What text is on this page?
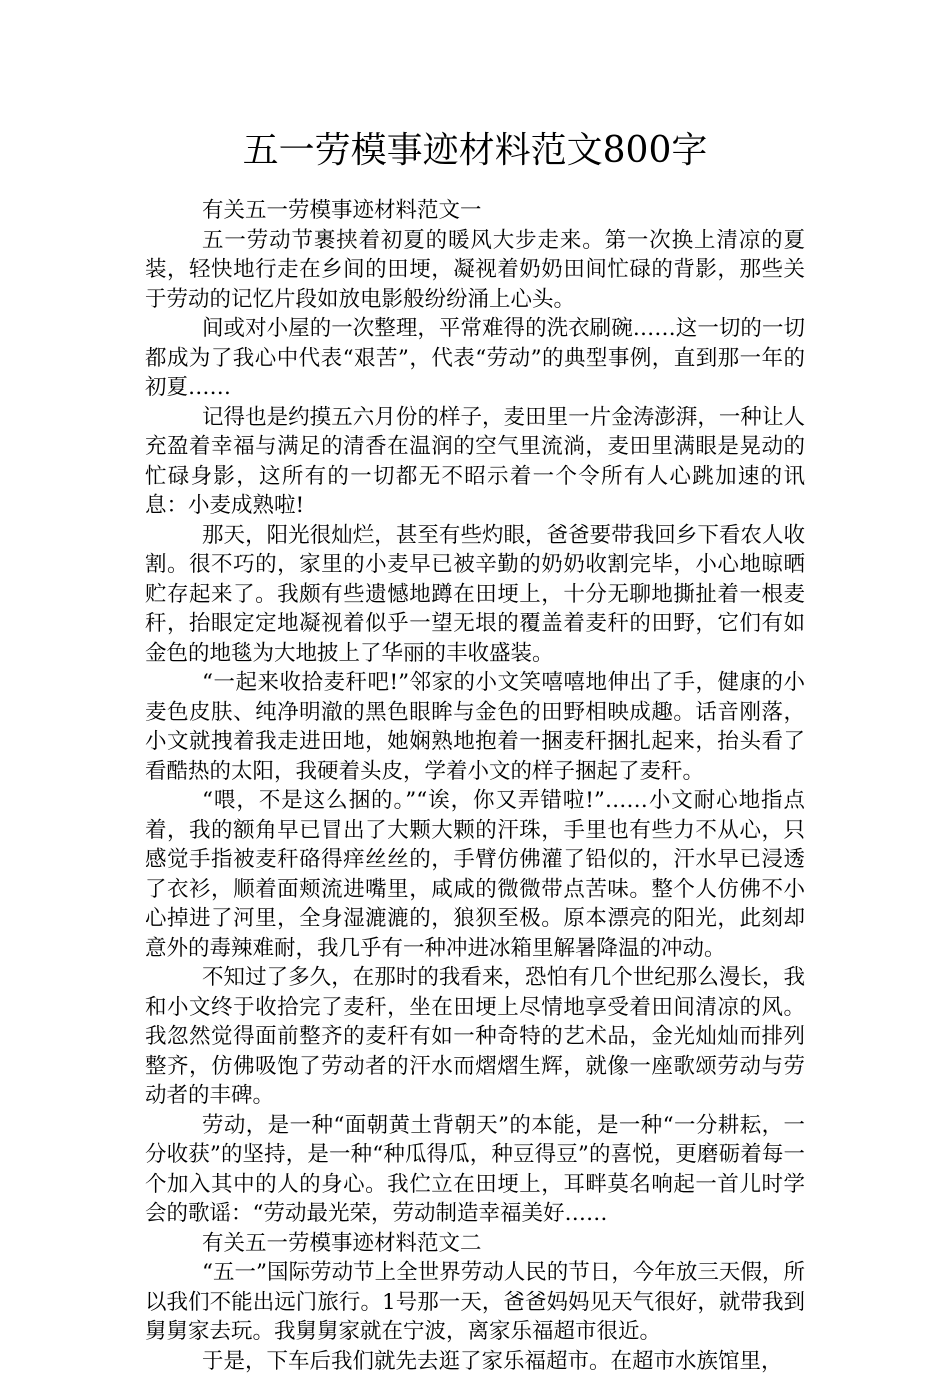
五一劳模事迹材料范文800字
有关五一劳模事迹材料范文一
五一劳动节裹挟着初夏的暖风大步走来。第一次换上清凉的夏装，轻快地行走在乡间的田埂，凝视着奶奶田间忙碌的背影，那些关于劳动的记忆片段如放电影般纷纷涌上心头。
间或对小屋的一次整理，平常难得的洗衣刷碗……这一切的一切都成为了我心中代表“艰苦”，代表“劳动”的典型事例，直到那一年的初夏……
记得也是约摸五六月份的样子，麦田里一片金涛澎湃，一种让人充盈着幸福与满足的清香在温润的空气里流淌，麦田里满眼是晃动的忙碌身影，这所有的一切都无不昭示着一个令所有人心跳加速的讯息：小麦成熟啦!
那天，阳光很灿烂，甚至有些灼眼，爸爸要带我回乡下看农人收割。很不巧的，家里的小麦早已被辛勤的奶奶收割完毕，小心地晾晒贮存起来了。我颇有些遗憾地蹲在田埂上，十分无聊地撕扯着一根麦秆，抬眼定定地凝视着似乎一望无垠的覆盖着麦秆的田野，它们有如金色的地毯为大地披上了华丽的丰收盛装。
“一起来收拾麦秆吧!”邻家的小文笑嘻嘻地伸出了手，健康的小麦色皮肤、纯净明澈的黑色眼眸与金色的田野相映成趣。话音刚落，小文就拽着我走进田地，她娴熟地抱着一捆麦秆捆扎起来，抬头看了看酷热的太阳，我硬着头皮，学着小文的样子捆起了麦秆。
“喂，不是这么捆的。”“诶，你又弄错啦!”……小文耐心地指点着，我的额角早已冒出了大颗大颗的汗珠，手里也有些力不从心，只感觉手指被麦秆硌得痒丝丝的，手臂仿佛灌了铅似的，汗水早已浸透了衣衫，顺着面颊流进嘴里，咸咸的微微带点苦味。整个人仿佛不小心掉进了河里，全身湿漉漉的，狼狈至极。原本漂亮的阳光，此刻却意外的毒辣难耐，我几乎有一种冲进冰箱里解暑降温的冲动。
不知过了多久，在那时的我看来，恐怕有几个世纪那么漫长，我和小文终于收拾完了麦秆，坐在田埂上尽情地享受着田间清凉的风。我忽然觉得面前整齐的麦秆有如一种奇特的艺术品，金光灿灿而排列整齐，仿佛吸饱了劳动者的汗水而熠熠生辉，就像一座歌颂劳动与劳动者的丰碑。
劳动，是一种“面朝黄土背朝天”的本能，是一种“一分耕耘，一分收获”的坚持，是一种“种瓜得瓜，种豆得豆”的喜悦，更磨砺着每一个加入其中的人的身心。我伫立在田埂上，耳畔莫名响起一首儿时学会的歌谣：“劳动最光荣，劳动制造幸福美好……
有关五一劳模事迹材料范文二
“五一”国际劳动节上全世界劳动人民的节日，今年放三天假，所以我们不能出远门旅行。1号那一天，爸爸妈妈见天气很好，就带我到舅舅家去玩。我舅舅家就在宁波，离家乐福超市很近。
于是，下车后我们就先去逛了家乐福超市。在超市水族馆里，
